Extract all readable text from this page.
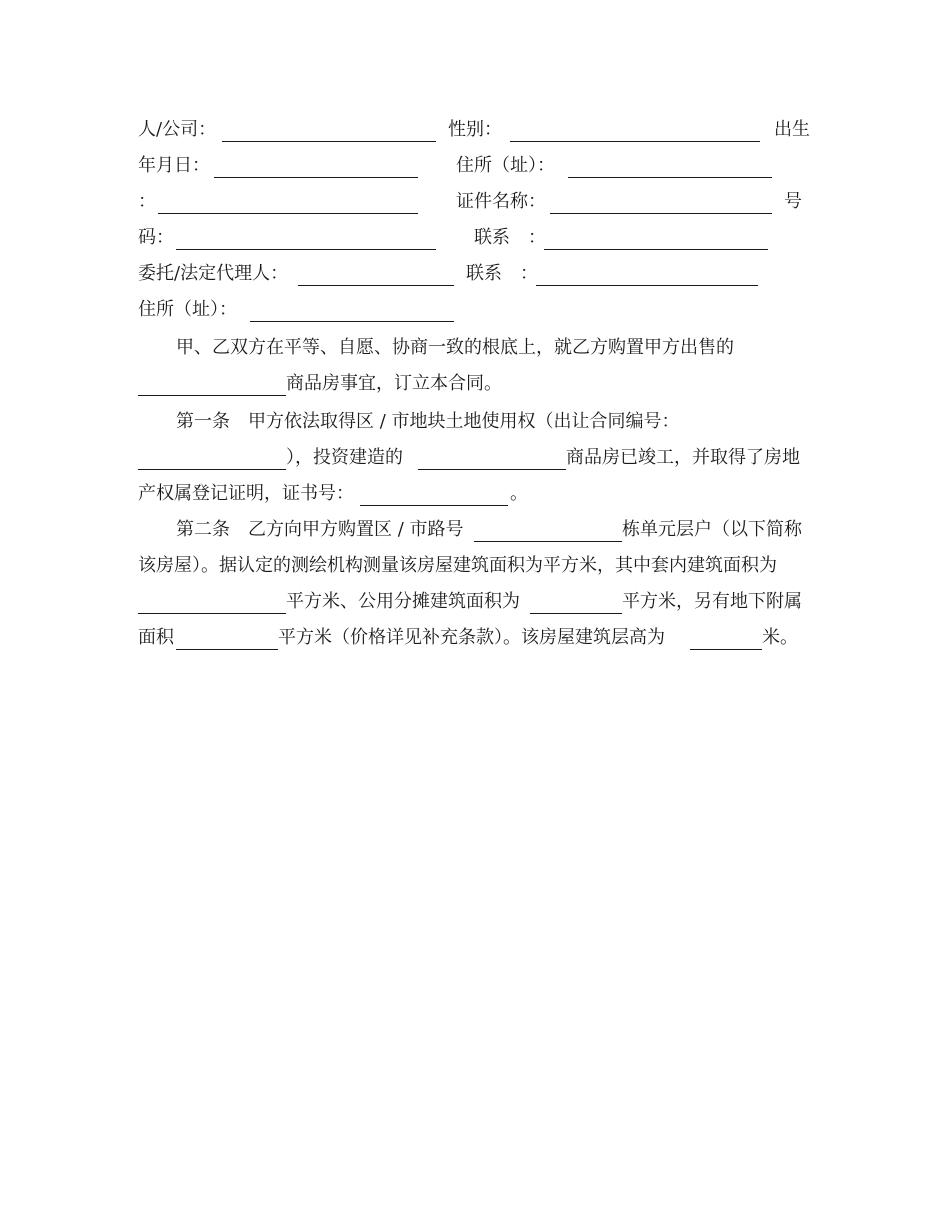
人/公司：	性别：	出生
年月日：	住所（址）：
：	证件名称：	号
码：	联系　：
委托/法定代理人：	联系　：
住所（址）：
甲、乙双方在平等、自愿、协商一致的根底上，就乙方购置甲方出售的
商品房事宜，订立本合同。
第一条　甲方依法取得区 / 市地块土地使用权（出让合同编号：
），投资建造的	商品房已竣工，并取得了房地
产权属登记证明，证书号：	。
第二条　乙方向甲方购置区 / 市路号	栋单元层户（以下简称
该房屋）。据认定的测绘机构测量该房屋建筑面积为平方米，其中套内建筑面积为
平方米、公用分摊建筑面积为	平方米，另有地下附属
面积	平方米（价格详见补充条款）。该房屋建筑层高为	米。
